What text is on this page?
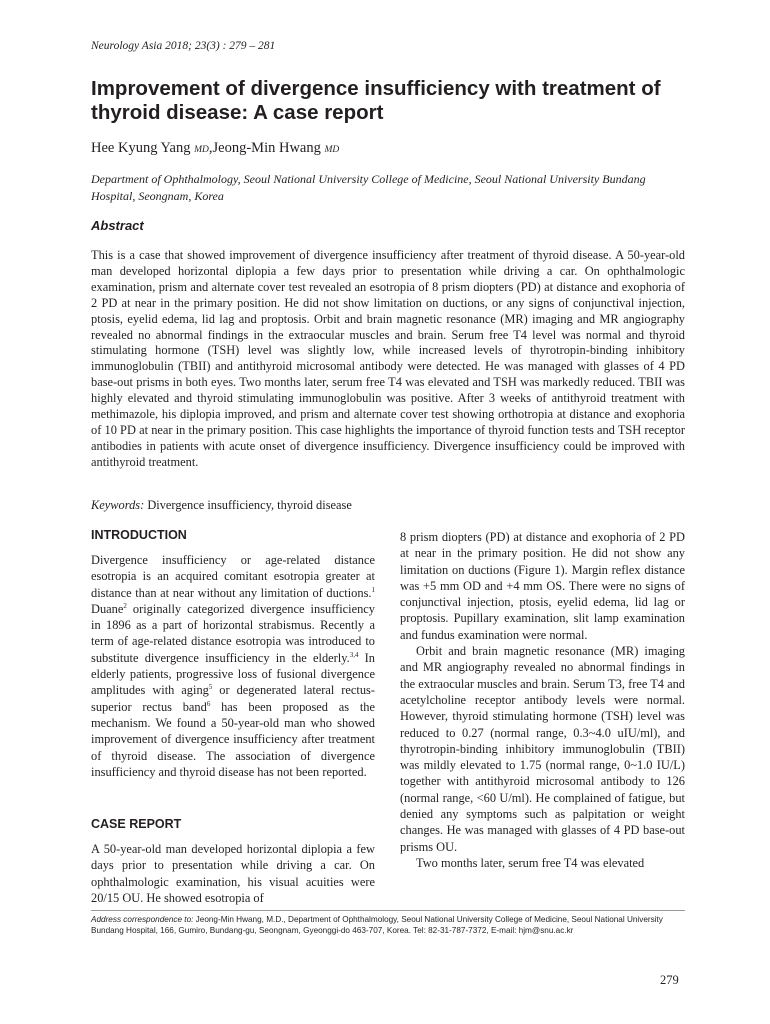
Neurology Asia 2018; 23(3) : 279 – 281
Improvement of divergence insufficiency with treatment of thyroid disease: A case report
Hee Kyung Yang MD,Jeong-Min Hwang MD
Department of Ophthalmology, Seoul National University College of Medicine, Seoul National University Bundang Hospital, Seongnam, Korea
Abstract
This is a case that showed improvement of divergence insufficiency after treatment of thyroid disease. A 50-year-old man developed horizontal diplopia a few days prior to presentation while driving a car. On ophthalmologic examination, prism and alternate cover test revealed an esotropia of 8 prism diopters (PD) at distance and exophoria of 2 PD at near in the primary position. He did not show limitation on ductions, or any signs of conjunctival injection, ptosis, eyelid edema, lid lag and proptosis. Orbit and brain magnetic resonance (MR) imaging and MR angiography revealed no abnormal findings in the extraocular muscles and brain. Serum free T4 level was normal and thyroid stimulating hormone (TSH) level was slightly low, while increased levels of thyrotropin-binding inhibitory immunoglobulin (TBII) and antithyroid microsomal antibody were detected. He was managed with glasses of 4 PD base-out prisms in both eyes. Two months later, serum free T4 was elevated and TSH was markedly reduced. TBII was highly elevated and thyroid stimulating immunoglobulin was positive. After 3 weeks of antithyroid treatment with methimazole, his diplopia improved, and prism and alternate cover test showing orthotropia at distance and exophoria of 10 PD at near in the primary position. This case highlights the importance of thyroid function tests and TSH receptor antibodies in patients with acute onset of divergence insufficiency. Divergence insufficiency could be improved with antithyroid treatment.
Keywords: Divergence insufficiency, thyroid disease
INTRODUCTION

Divergence insufficiency or age-related distance esotropia is an acquired comitant esotropia greater at distance than at near without any limitation of ductions.$^1$ Duane$^2$ originally categorized divergence insufficiency in 1896 as a part of horizontal strabismus. Recently a term of age-related distance esotropia was introduced to substitute divergence insufficiency in the elderly.$^{3,4}$ In elderly patients, progressive loss of fusional divergence amplitudes with aging$^5$ or degenerated lateral rectus-superior rectus band$^6$ has been proposed as the mechanism. We found a 50-year-old man who showed improvement of divergence insufficiency after treatment of thyroid disease. The association of divergence insufficiency and thyroid disease has not been reported.

CASE REPORT

A 50-year-old man developed horizontal diplopia a few days prior to presentation while driving a car. On ophthalmologic examination, his visual acuities were 20/15 OU. He showed esotropia of

8 prism diopters (PD) at distance and exophoria of 2 PD at near in the primary position. He did not show any limitation on ductions (Figure 1). Margin reflex distance was +5 mm OD and +4 mm OS. There were no signs of conjunctival injection, ptosis, eyelid edema, lid lag or proptosis. Pupillary examination, slit lamp examination and fundus examination were normal.

Orbit and brain magnetic resonance (MR) imaging and MR angiography revealed no abnormal findings in the extraocular muscles and brain. Serum T3, free T4 and acetylcholine receptor antibody levels were normal. However, thyroid stimulating hormone (TSH) level was reduced to 0.27 (normal range, 0.3~4.0 uIU/ml), and thyrotropin-binding inhibitory immunoglobulin (TBII) was mildly elevated to 1.75 (normal range, 0~1.0 IU/L) together with antithyroid microsomal antibody to 126 (normal range, <60 U/ml). He complained of fatigue, but denied any symptoms such as palpitation or weight changes. He was managed with glasses of 4 PD base-out prisms OU.

Two months later, serum free T4 was elevated

Address correspondence to: Jeong-Min Hwang, M.D., Department of Ophthalmology, Seoul National University College of Medicine, Seoul National University Bundang Hospital, 166, Gumiro, Bundang-gu, Seongnam, Gyeonggi-do 463-707, Korea. Tel: 82-31-787-7372, E-mail: hjm@snu.ac.kr
279
